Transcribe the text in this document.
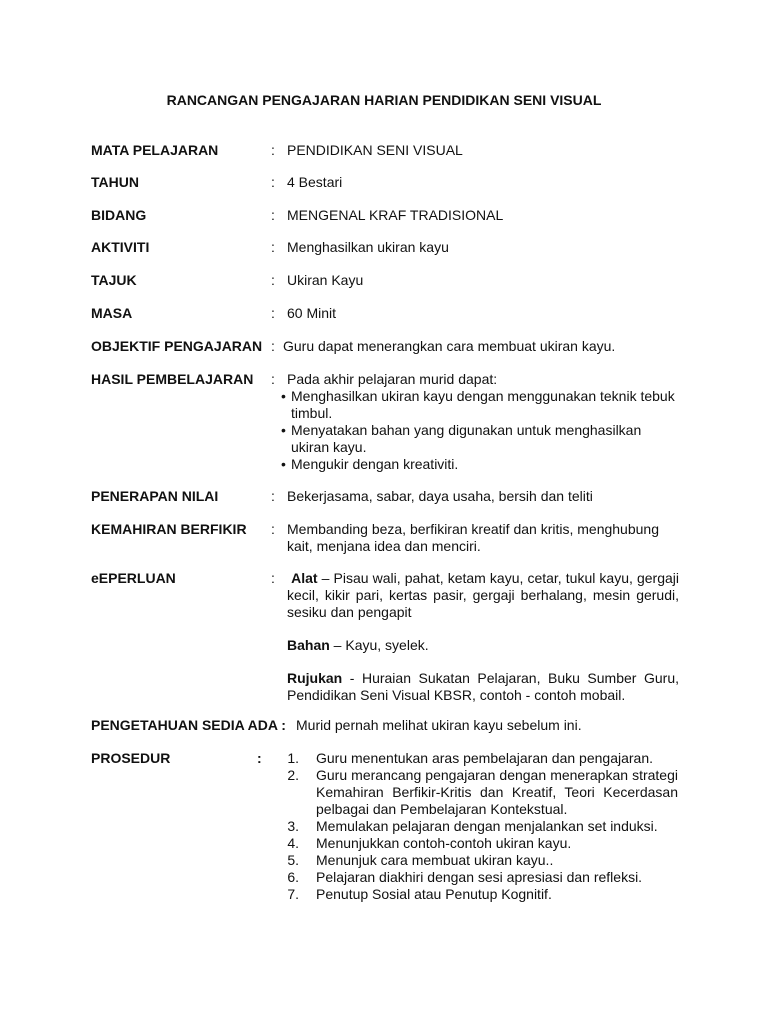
RANCANGAN PENGAJARAN HARIAN PENDIDIKAN SENI VISUAL
MATA PELAJARAN	: PENDIDIKAN SENI VISUAL
TAHUN	: 4 Bestari
BIDANG	: MENGENAL KRAF TRADISIONAL
AKTIVITI	: Menghasilkan ukiran kayu
TAJUK	: Ukiran Kayu
MASA	: 60 Minit
OBJEKTIF PENGAJARAN : Guru dapat menerangkan cara membuat ukiran kayu.
HASIL PEMBELAJARAN : Pada akhir pelajaran murid dapat:
• Menghasilkan ukiran kayu dengan menggunakan teknik tebuk timbul.
• Menyatakan bahan yang digunakan untuk menghasilkan ukiran kayu.
• Mengukir dengan kreativiti.
PENERAPAN NILAI	: Bekerjasama, sabar, daya usaha, bersih dan teliti
KEMAHIRAN BERFIKIR : Membanding beza, berfikiran kreatif dan kritis, menghubung kait, menjana idea dan menciri.
eEPERLUAN	: Alat – Pisau wali, pahat, ketam kayu, cetar, tukul kayu, gergaji kecil, kikir pari, kertas pasir, gergaji berhalang, mesin gerudi, sesiku dan pengapit

Bahan – Kayu, syelek.

Rujukan - Huraian Sukatan Pelajaran, Buku Sumber Guru, Pendidikan Seni Visual KBSR, contoh - contoh mobail.

PENGETAHUAN SEDIA ADA : Murid pernah melihat ukiran kayu sebelum ini.
PROSEDUR	:	1. Guru menentukan aras pembelajaran dan pengajaran.
2. Guru merancang pengajaran dengan menerapkan strategi Kemahiran Berfikir-Kritis dan Kreatif, Teori Kecerdasan pelbagai dan Pembelajaran Kontekstual.
3. Memulakan pelajaran dengan menjalankan set induksi.
4. Menunjukkan contoh-contoh ukiran kayu.
5. Menunjuk cara membuat ukiran kayu..
6. Pelajaran diakhiri dengan sesi apresiasi dan refleksi.
7. Penutup Sosial atau Penutup Kognitif.
